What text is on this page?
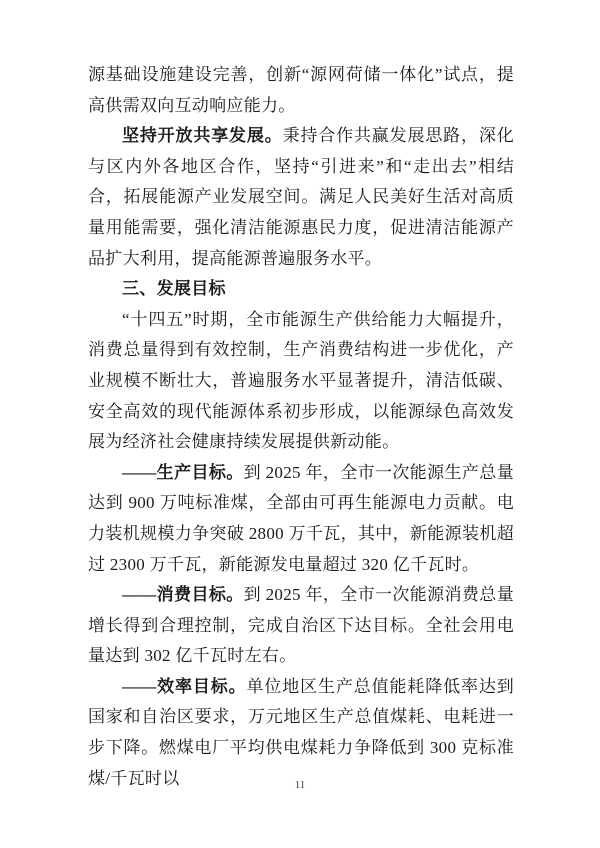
源基础设施建设完善，创新“源网荷储一体化”试点，提高供需双向互动响应能力。

坚持开放共享发展。秉持合作共赢发展思路，深化与区内外各地区合作，坚持“引进来”和“走出去”相结合，拓展能源产业发展空间。满足人民美好生活对高质量用能需要，强化清洁能源惠民力度，促进清洁能源产品扩大利用，提高能源普遍服务水平。

三、发展目标

“十四五”时期，全市能源生产供给能力大幅提升，消费总量得到有效控制，生产消费结构进一步优化，产业规模不断壮大，普遍服务水平显著提升，清洁低碳、安全高效的现代能源体系初步形成，以能源绿色高效发展为经济社会健康持续发展提供新动能。

——生产目标。到 2025 年，全市一次能源生产总量达到 900 万吨标准煤，全部由可再生能源电力贡献。电力装机规模力争突破 2800 万千瓦，其中，新能源装机超过 2300 万千瓦，新能源发电量超过 320 亿千瓦时。

——消费目标。到 2025 年，全市一次能源消费总量增长得到合理控制，完成自治区下达目标。全社会用电量达到 302 亿千瓦时左右。

——效率目标。单位地区生产总值能耗降低率达到国家和自治区要求，万元地区生产总值煤耗、电耗进一步下降。燃煤电厂平均供电煤耗力争降低到 300 克标准煤/千瓦时以	11
